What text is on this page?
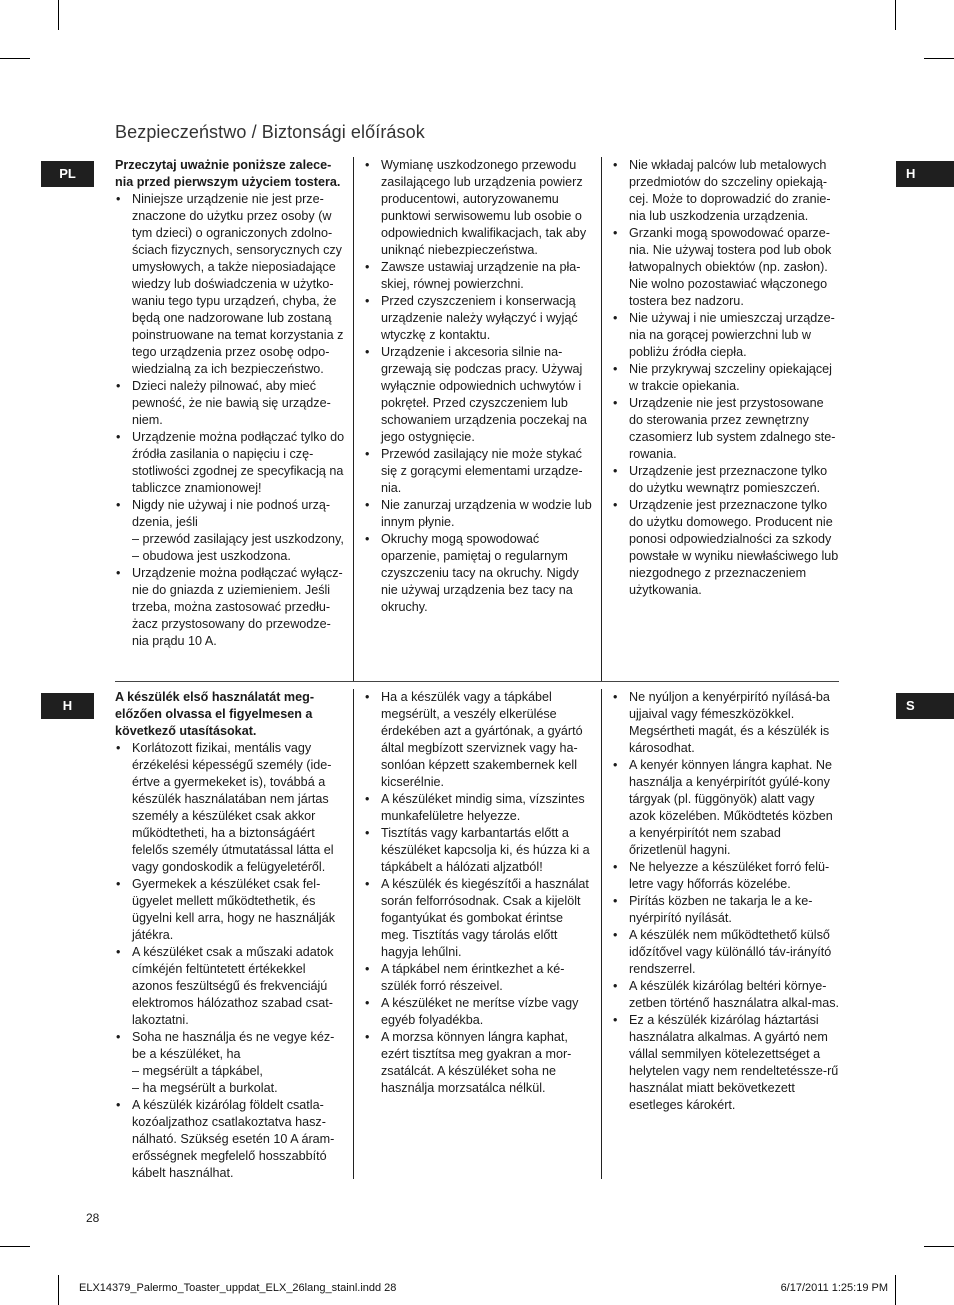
Bezpieczeństwo / Biztonsági előírások
PL	H

Przeczytaj uważnie poniższe zalece-nia przed pierwszym użyciem tostera.

• Niniejsze urządzenie nie jest prze-znaczone do użytku przez osoby (w tym dzieci) o ograniczonych zdolno-ściach fizycznych, sensorycznych czy umysłowych, a także nieposiadające wiedzy lub doświadczenia w użytko-waniu tego typu urządzeń, chyba, że będą one nadzorowane lub zostaną poinstruowane na temat korzystania z tego urządzenia przez osobę odpo-wiedzialną za ich bezpieczeństwo.
• Dzieci należy pilnować, aby mieć pewność, że nie bawią się urządze-niem.
• Urządzenie można podłączać tylko do źródła zasilania o napięciu i czę-stotliwości zgodnej ze specyfikacją na tabliczce znamionowej!
• Nigdy nie używaj i nie podnoś urzą-dzenia, jeśli
– przewód zasilający jest uszkodzony,
– obudowa jest uszkodzona.
• Urządzenie można podłączać wyłącz-nie do gniazda z uziemieniem. Jeśli trzeba, można zastosować przedłu-żacz przystosowany do przewodze-nia prądu 10 A.
• Wymianę uszkodzonego przewodu zasilającego lub urządzenia powierz producentowi, autoryzowanemu punktowi serwisowemu lub osobie o odpowiednich kwalifikacjach, tak aby uniknąć niebezpieczeństwa.
• Zawsze ustawiaj urządzenie na pła-skiej, równej powierzchni.
• Przed czyszczeniem i konserwacją urządzenie należy wyłączyć i wyjąć wtyczkę z kontaktu.
• Urządzenie i akcesoria silnie na-grzewają się podczas pracy. Używaj wyłącznie odpowiednich uchwytów i pokręteł. Przed czyszczeniem lub schowaniem urządzenia poczekaj na jego ostygnięcie.
• Przewód zasilający nie może stykać się z gorącymi elementami urządze-nia.
• Nie zanurzaj urządzenia w wodzie lub innym płynie.
• Okruchy mogą spowodować oparzenie, pamiętaj o regularnym czyszczeniu tacy na okruchy. Nigdy nie używaj urządzenia bez tacy na okruchy.
• Nie wkładaj palców lub metalowych przedmiotów do szczeliny opiekają-cej. Może to doprowadzić do zranie-nia lub uszkodzenia urządzenia.
• Grzanki mogą spowodować oparze-nia. Nie używaj tostera pod lub obok łatwopalnych obiektów (np. zasłon). Nie wolno pozostawiać włączonego tostera bez nadzoru.
• Nie używaj i nie umieszczaj urządze-nia na gorącej powierzchni lub w pobliżu źródła ciepła.
• Nie przykrywaj szczeliny opiekającej w trakcie opiekania.
• Urządzenie nie jest przystosowane do sterowania przez zewnętrzny czasomierz lub system zdalnego ste-rowania.
• Urządzenie jest przeznaczone tylko do użytku wewnątrz pomieszczeń.
• Urządzenie jest przeznaczone tylko do użytku domowego. Producent nie ponosi odpowiedzialności za szkody powstałe w wyniku niewłaściwego lub niezgodnego z przeznaczeniem użytkowania.
H	S

A készülék első használatát meg-előzően olvassa el figyelmesen a következő utasításokat.

• Korlátozott fizikai, mentális vagy érzékelési képességű személy (ide-értve a gyermekeket is), továbbá a készülék használatában nem jártas személy a készüléket csak akkor működtetheti, ha a biztonságáért felelős személy útmutatással látta el vagy gondoskodik a felügyeletéről.
• Gyermekek a készüléket csak fel-ügyelet mellett működtethetik, és ügyelni kell arra, hogy ne használják játékra.
• A készüléket csak a műszaki adatok címkéjén feltüntetett értékekkel azonos feszültségű és frekvenciájú elektromos hálózathoz szabad csat-lakoztatni.
• Soha ne használja és ne vegye kéz-be a készüléket, ha
– megsérült a tápkábel,
– ha megsérült a burkolat.
• A készülék kizárólag földelt csatla-kozóaljzathoz csatlakoztatva hasz-nálható. Szükség esetén 10 A áram-erősségnek megfelelő hosszabbító kábelt használhat.
• Ha a készülék vagy a tápkábel megsérült, a veszély elkerülése érdekében azt a gyártónak, a gyártó által megbízott szerviznek vagy ha-sonlóan képzett szakembernek kell kicserélnie.
• A készüléket mindig sima, vízszintes munkafelületre helyezze.
• Tisztítás vagy karbantartás előtt a készüléket kapcsolja ki, és húzza ki a tápkábelt a hálózati aljzatból!
• A készülék és kiegészítői a használat során felforrósodnak. Csak a kijelölt fogantyúkat és gombokat érintse meg. Tisztítás vagy tárolás előtt hagyja lehűlni.
• A tápkábel nem érintkezhet a ké-szülék forró részeivel.
• A készüléket ne merítse vízbe vagy egyéb folyadékba.
• A morzsa könnyen lángra kaphat, ezért tisztítsa meg gyakran a mor-zsatálcát. A készüléket soha ne használja morzsatálca nélkül.
• Ne nyúljon a kenyérpirító nyílásá-ba ujjaival vagy fémeszközökkel. Megsértheti magát, és a készülék is károsodhat.
• A kenyér könnyen lángra kaphat. Ne használja a kenyérpirítót gyúlé-kony tárgyak (pl. függönyök) alatt vagy azok közelében. Működtetés közben a kenyérpirítót nem szabad őrizetlenül hagyni.
• Ne helyezze a készüléket forró felü-letre vagy hőforrás közelébe.
• Pirítás közben ne takarja le a ke-nyérpirító nyílását.
• A készülék nem működtethető külső időzítővel vagy különálló táv-irányító rendszerrel.
• A készülék kizárólag beltéri környe-zetben történő használatra alkal-mas.
• Ez a készülék kizárólag háztartási használatra alkalmas. A gyártó nem vállal semmilyen kötelezettséget a helytelen vagy nem rendeltetéssze-rű használat miatt bekövetkezett esetleges károkért.
28
ELX14379_Palermo_Toaster_uppdat_ELX_26lang_stainl.indd 28	6/17/2011 1:25:19 PM
